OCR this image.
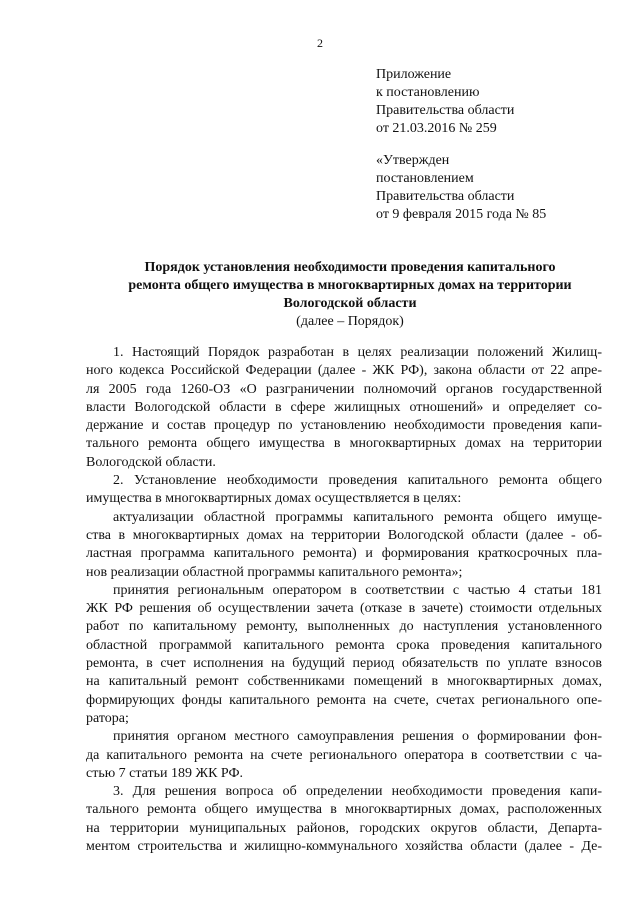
2
Приложение
к постановлению
Правительства области
от 21.03.2016 № 259
«Утвержден
постановлением
Правительства области
от 9 февраля 2015 года № 85
Порядок установления необходимости проведения капитального
ремонта общего имущества в многоквартирных домах на территории
Вологодской области
(далее – Порядок)
1. Настоящий Порядок разработан в целях реализации положений Жилищ-
ного кодекса Российской Федерации (далее - ЖК РФ), закона области от 22 апре-
ля 2005 года 1260-ОЗ «О разграничении полномочий органов государственной
власти Вологодской области в сфере жилищных отношений» и определяет со-
держание и состав процедур по установлению необходимости проведения капи-
тального ремонта общего имущества в многоквартирных домах на территории
Вологодской области.
2. Установление необходимости проведения капитального ремонта общего
имущества в многоквартирных домах осуществляется в целях:
актуализации областной программы капитального ремонта общего имуще-
ства в многоквартирных домах на территории Вологодской области (далее - об-
ластная программа капитального ремонта) и формирования краткосрочных пла-
нов реализации областной программы капитального ремонта»;
принятия региональным оператором в соответствии с частью 4 статьи 181
ЖК РФ решения об осуществлении зачета (отказе в зачете) стоимости отдельных
работ по капитальному ремонту, выполненных до наступления установленного
областной программой капитального ремонта срока проведения капитального
ремонта, в счет исполнения на будущий период обязательств по уплате взносов
на капитальный ремонт собственниками помещений в многоквартирных домах,
формирующих фонды капитального ремонта на счете, счетах регионального опе-
ратора;
принятия органом местного самоуправления решения о формировании фон-
да капитального ремонта на счете регионального оператора в соответствии с ча-
стью 7 статьи 189 ЖК РФ.
3. Для решения вопроса об определении необходимости проведения капи-
тального ремонта общего имущества в многоквартирных домах, расположенных
на территории муниципальных районов, городских округов области, Департа-
ментом строительства и жилищно-коммунального хозяйства области (далее - Де-
